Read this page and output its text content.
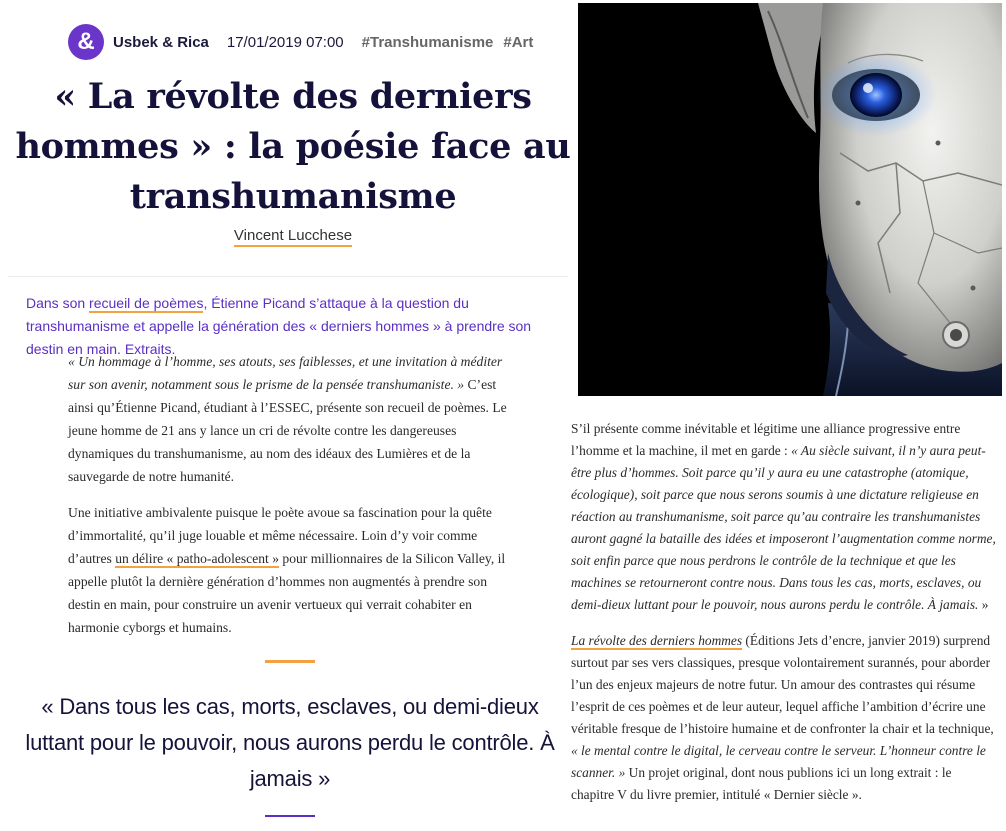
&	Usbek & Rica 17/01/2019 07:00 #Transhumanisme #Art
« La révolte des derniers
hommes » : la poésie face au
transhumanisme
Vincent Lucchese

Dans son recueil de poèmes, Étienne Picand s’attaque à la question du transhumanisme et appelle la génération des « derniers hommes » à prendre son destin en main. Extraits.

« Un hommage à l’homme, ses atouts, ses faiblesses, et une invitation à méditer sur son avenir, notamment sous le prisme de la pensée transhumaniste. » C’est ainsi qu’Étienne Picand, étudiant à l’ESSEC, présente son recueil de poèmes. Le jeune homme de 21 ans y lance un cri de révolte contre les dangereuses dynamiques du transhumanisme, au nom des idéaux des Lumières et de la sauvegarde de notre humanité.

Une initiative ambivalente puisque le poète avoue sa fascination pour la quête d’immortalité, qu’il juge louable et même nécessaire. Loin d’y voir comme d’autres un délire « patho-adolescent » pour millionnaires de la Silicon Valley, il appelle plutôt la dernière génération d’hommes non augmentés à prendre son destin en main, pour construire un avenir vertueux qui verrait cohabiter en harmonie cyborgs et humains.

« Dans tous les cas, morts, esclaves, ou demi-dieux luttant pour le pouvoir, nous aurons perdu le contrôle. À jamais »

S’il présente comme inévitable et légitime une alliance progressive entre l’homme et la machine, il met en garde : « Au siècle suivant, il n’y aura peut-être plus d’hommes. Soit parce qu’il y aura eu une catastrophe (atomique, écologique), soit parce que nous serons soumis à une dictature religieuse en réaction au transhumanisme, soit parce qu’au contraire les transhumanistes auront gagné la bataille des idées et imposeront l’augmentation comme norme, soit enfin parce que nous perdrons le contrôle de la technique et que les machines se retourneront contre nous. Dans tous les cas, morts, esclaves, ou demi-dieux luttant pour le pouvoir, nous aurons perdu le contrôle. À jamais. »

La révolte des derniers hommes (Éditions Jets d’encre, janvier 2019) surprend surtout par ses vers classiques, presque volontairement surannés, pour aborder l’un des enjeux majeurs de notre futur. Un amour des contrastes qui résume l’esprit de ces poèmes et de leur auteur, lequel affiche l’ambition d’écrire une véritable fresque de l’histoire humaine et de confronter la chair et la technique, « le mental contre le digital, le cerveau contre le serveur. L’honneur contre le scanner. » Un projet original, dont nous publions ici un long extrait : le chapitre V du livre premier, intitulé « Dernier siècle ».
